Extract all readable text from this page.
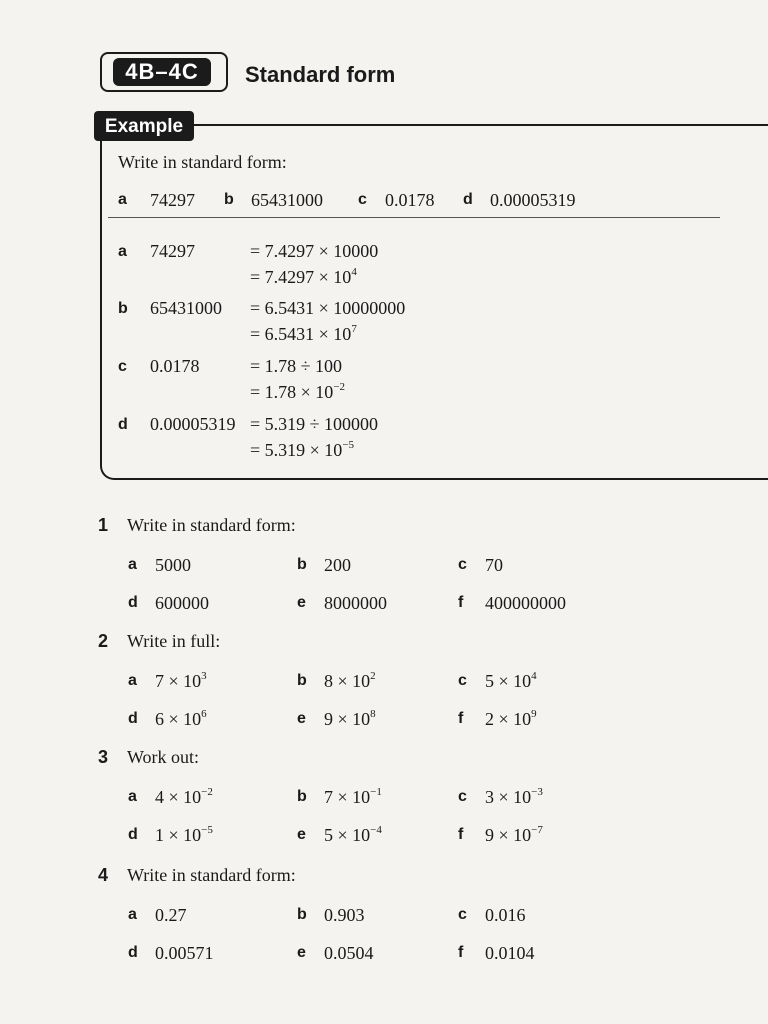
4B–4C	Standard form
Example
Write in standard form:
a 74297 b 65431000 c 0.0178 d 0.00005319
a 74297	= 7.4297 × 10000
= $7.4297 \times 10^4$
b 65431000 = 6.5431 × 10000000
= $6.5431 \times 10^7$
c 0.0178	= 1.78 ÷ 100
= $1.78 \times 10^{-2}$
d 0.00005319 = 5.319 ÷ 100000
= $5.319 \times 10^{-5}$
1 Write in standard form:
a 5000	b 200	c 70
d 600000	e 8000000	f 400000000
2 Write in full:
a $7 \times 10^3$	b $8 \times 10^2$	c $5 \times 10^4$
d $6 \times 10^6$	e $9 \times 10^8$	f $2 \times 10^9$
3 Work out:
a $4 \times 10^{-2}$	b $7 \times 10^{-1}$	c $3 \times 10^{-3}$
d $1 \times 10^{-5}$	e $5 \times 10^{-4}$	f $9 \times 10^{-7}$
4 Write in standard form:
a 0.27	b 0.903	c 0.016
d 0.00571	e 0.0504	f 0.0104
